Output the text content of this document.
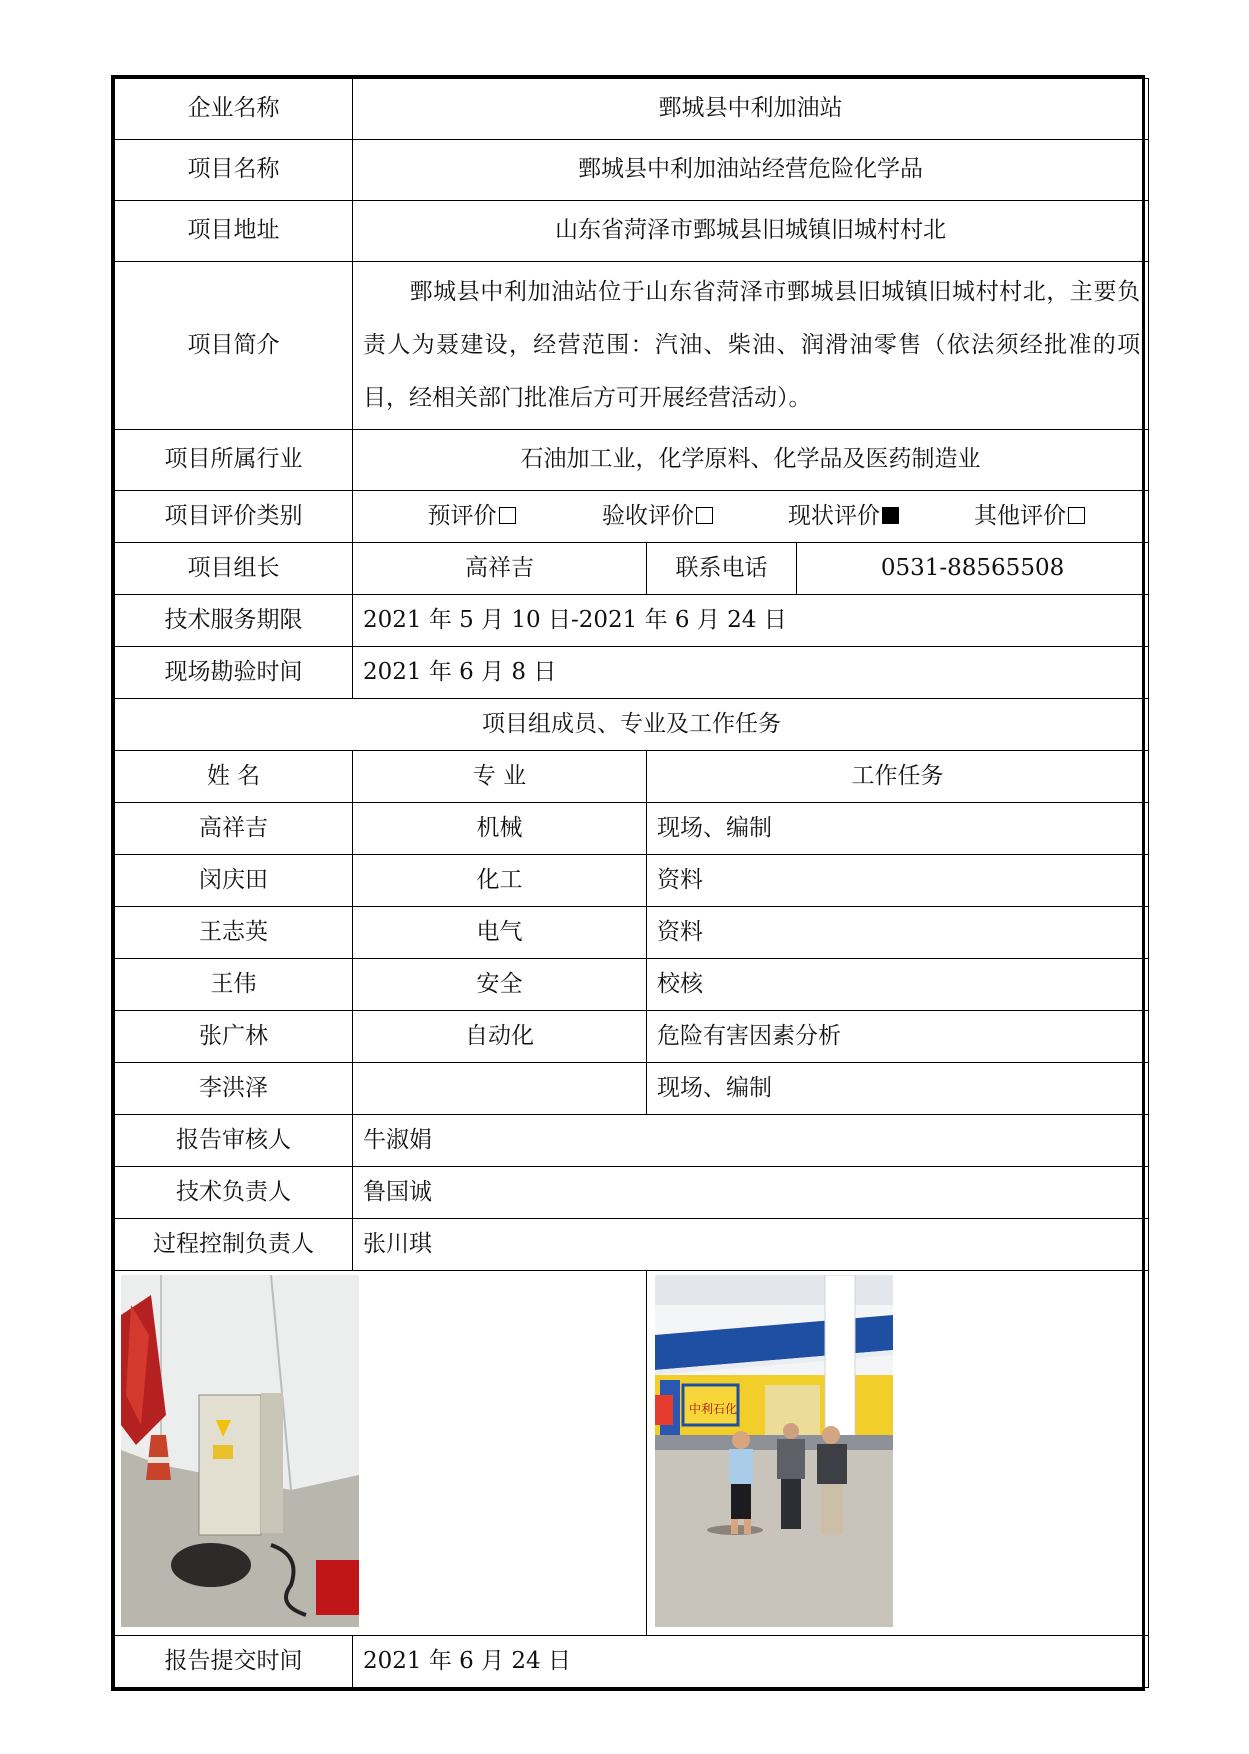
企业名称	鄄城县中利加油站		
项目名称	鄄城县中利加油站经营危险化学品		
项目地址	山东省菏泽市鄄城县旧城镇旧城村村北		
项目简介	鄄城县中利加油站位于山东省菏泽市鄄城县旧城镇旧城村村北，主要负责人为聂建设，经营范围：汽油、柴油、润滑油零售（依法须经批准的项目，经相关部门批准后方可开展经营活动）。		
项目所属行业	石油加工业，化学原料、化学品及医药制造业		
项目评价类别	预评价 验收评价 现状评价 其他评价		
项目组长	高祥吉	联系电话	0531-88565508
技术服务期限	2021 年 5 月 10 日-2021 年 6 月 24 日		
现场勘验时间	2021 年 6 月 8 日		
项目组成员、专业及工作任务			
姓 名	专 业	工作任务	
高祥吉	机械	现场、编制	
闵庆田	化工	资料	
王志英	电气	资料	
王伟	安全	校核	
张广林	自动化	危险有害因素分析	
李洪泽		现场、编制	
报告审核人	牛淑娟		
技术负责人	鲁国诚		
过程控制负责人	张川琪		

中利石化	

报告提交时间	2021 年 6 月 24 日		
